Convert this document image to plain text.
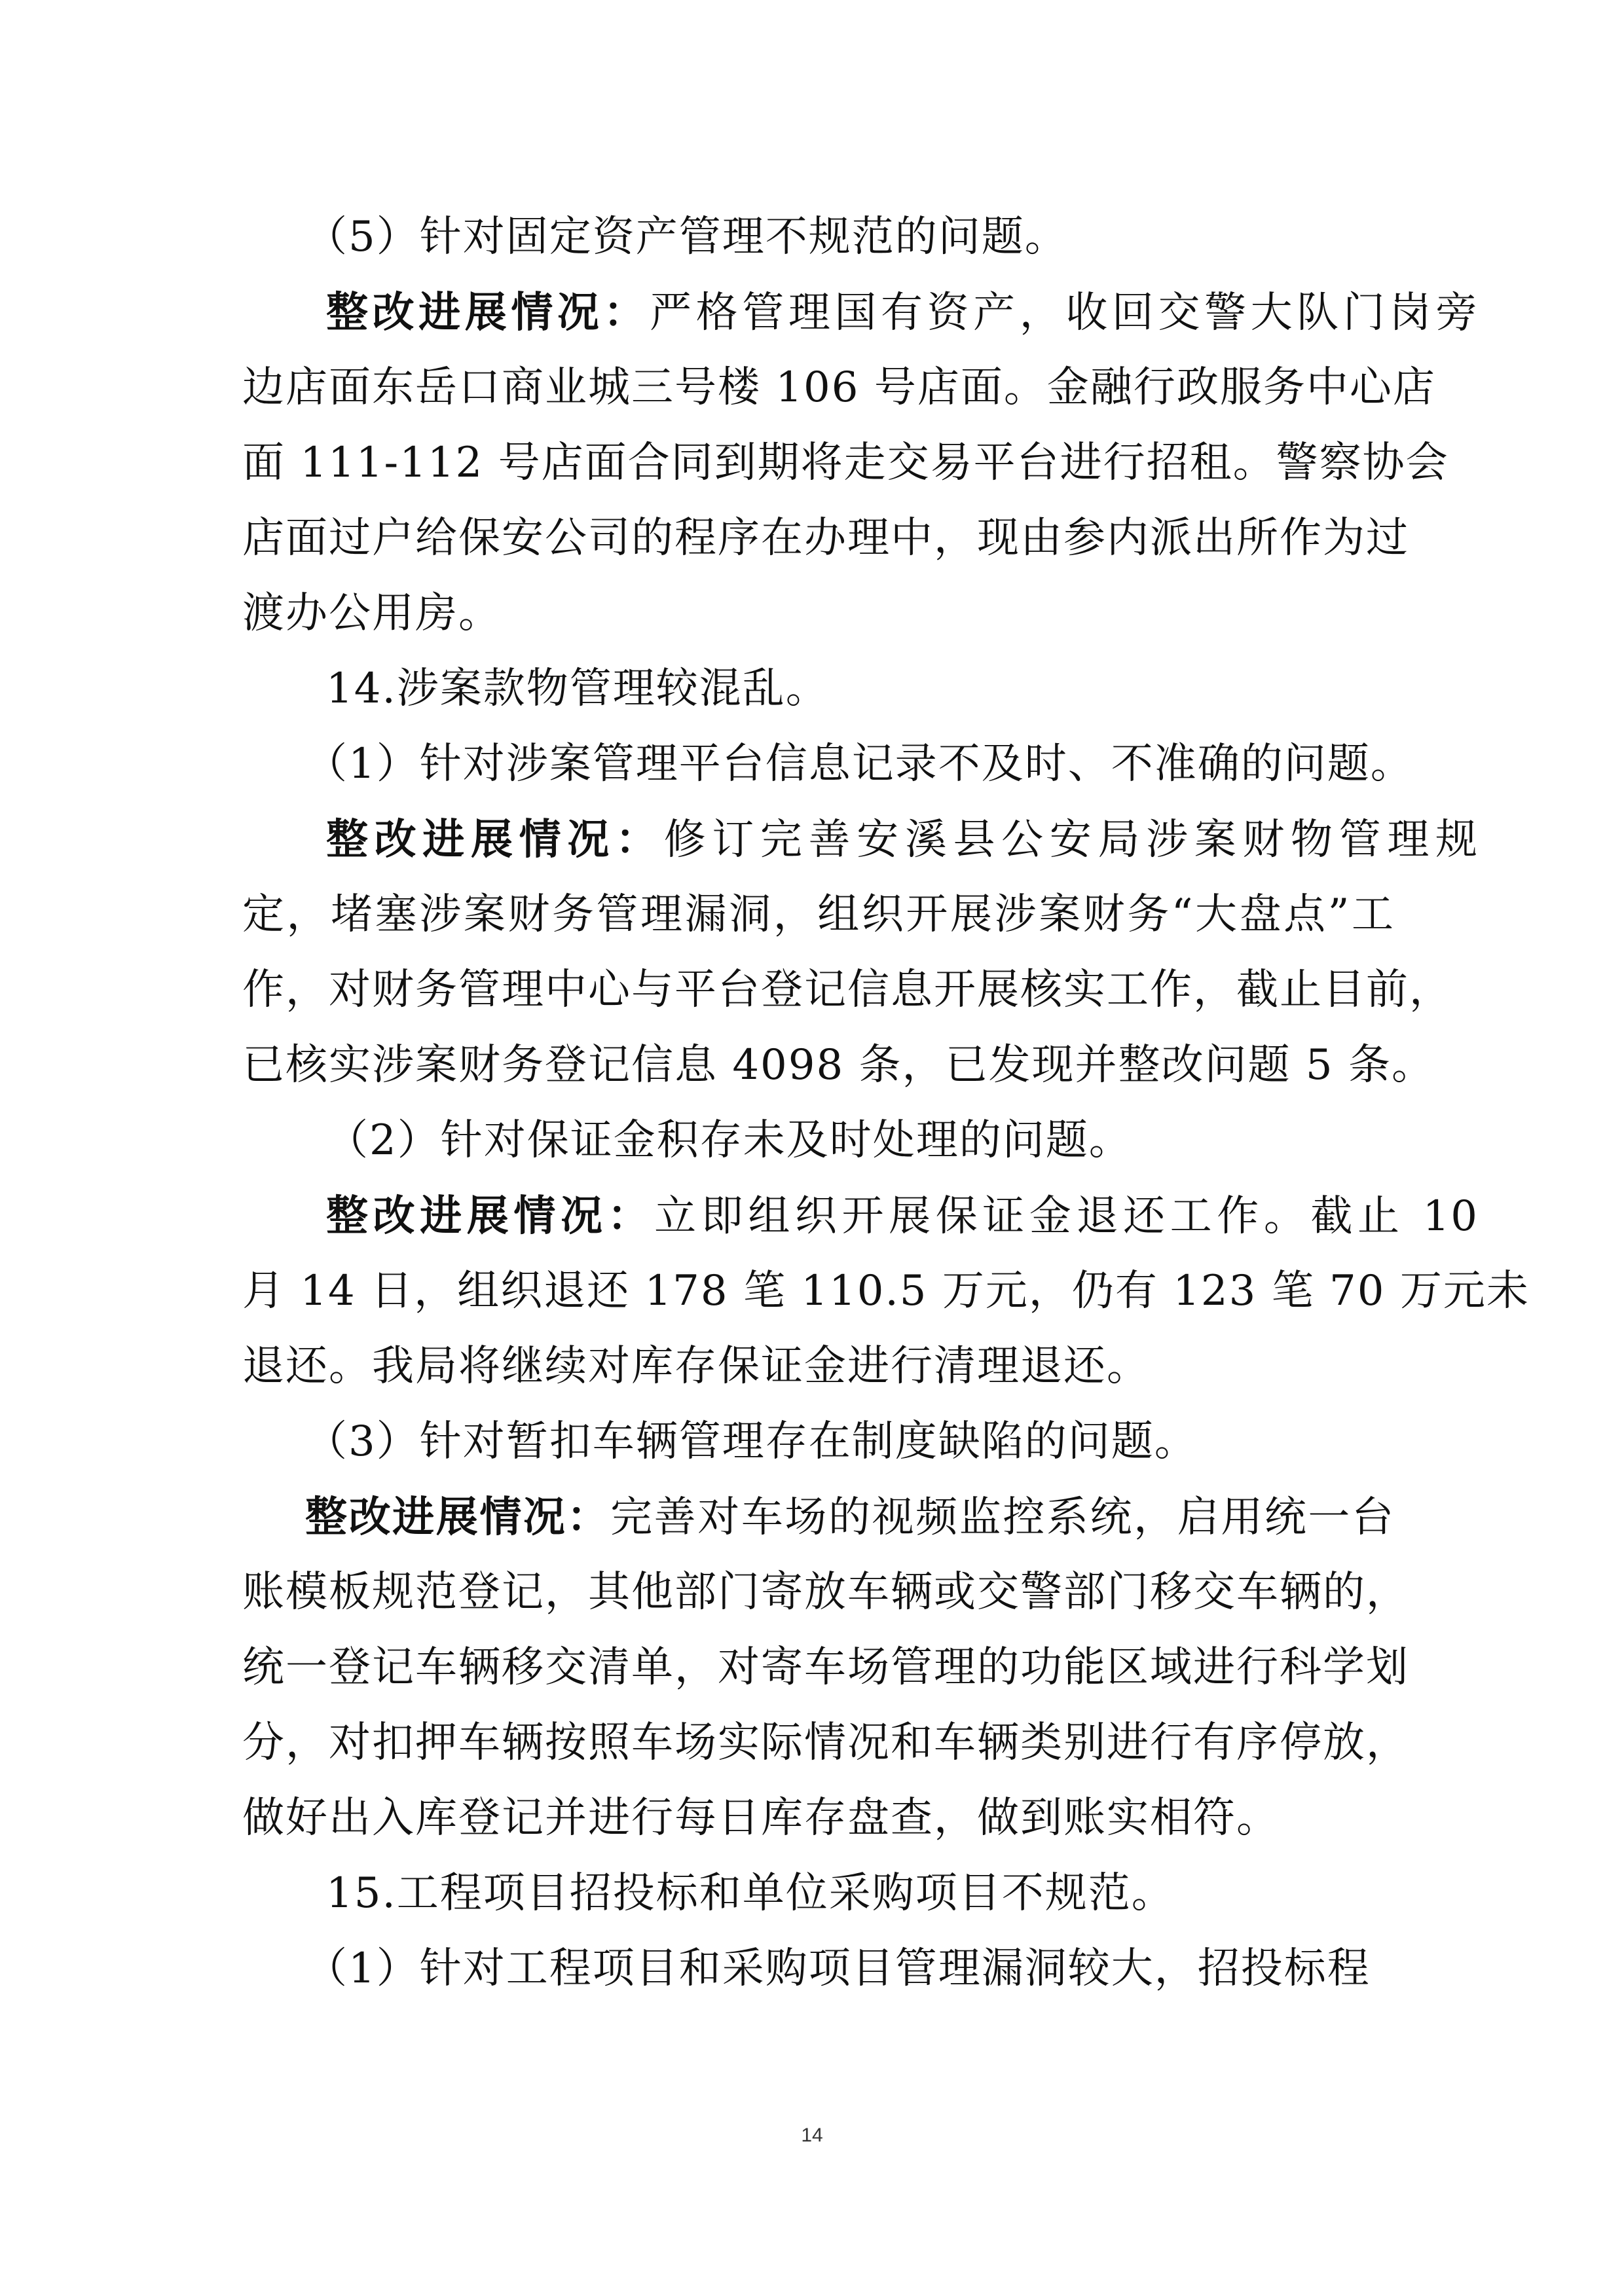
（5）针对固定资产管理不规范的问题。
整改进展情况：严格管理国有资产，收回交警大队门岗旁
边店面东岳口商业城三号楼 106 号店面。金融行政服务中心店
面 111-112 号店面合同到期将走交易平台进行招租。警察协会
店面过户给保安公司的程序在办理中，现由参内派出所作为过
渡办公用房。
14.涉案款物管理较混乱。
（1）针对涉案管理平台信息记录不及时、不准确的问题。
整改进展情况：修订完善安溪县公安局涉案财物管理规
定，堵塞涉案财务管理漏洞，组织开展涉案财务“大盘点”工
作，对财务管理中心与平台登记信息开展核实工作，截止目前，
已核实涉案财务登记信息 4098 条，已发现并整改问题 5 条。
（2）针对保证金积存未及时处理的问题。
整改进展情况：立即组织开展保证金退还工作。截止 10
月 14 日，组织退还 178 笔 110.5 万元，仍有 123 笔 70 万元未
退还。我局将继续对库存保证金进行清理退还。
（3）针对暂扣车辆管理存在制度缺陷的问题。
整改进展情况：完善对车场的视频监控系统，启用统一台
账模板规范登记，其他部门寄放车辆或交警部门移交车辆的，
统一登记车辆移交清单，对寄车场管理的功能区域进行科学划
分，对扣押车辆按照车场实际情况和车辆类别进行有序停放，
做好出入库登记并进行每日库存盘查，做到账实相符。
15.工程项目招投标和单位采购项目不规范。
（1）针对工程项目和采购项目管理漏洞较大，招投标程
14
